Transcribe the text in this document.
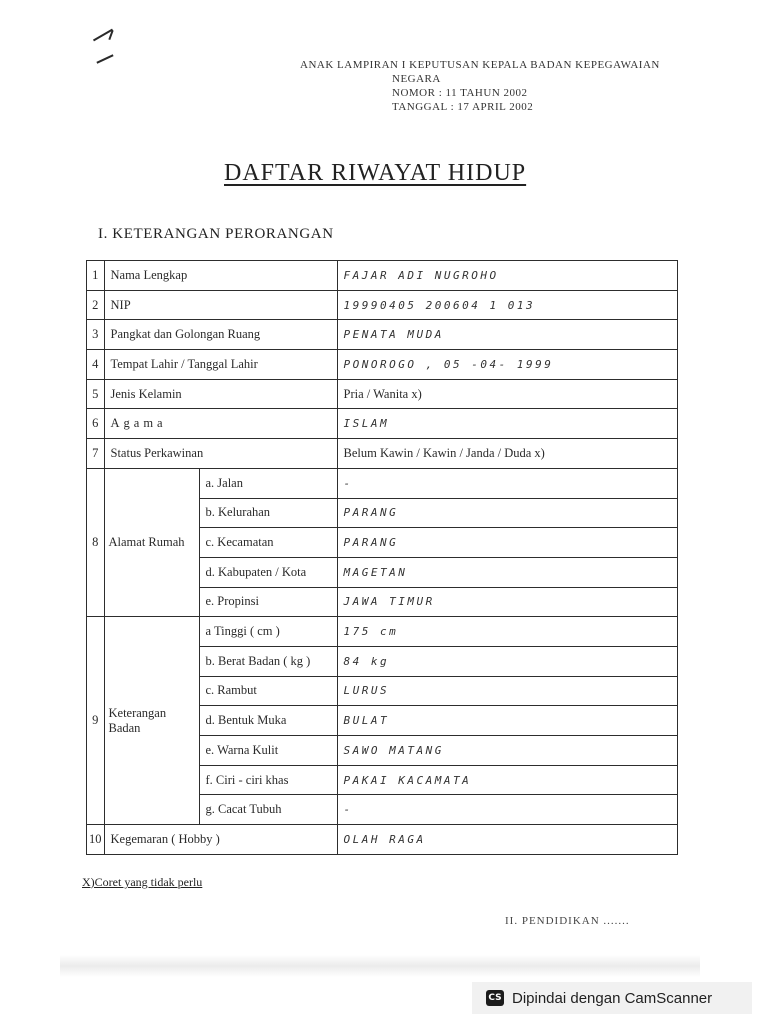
ANAK LAMPIRAN I KEPUTUSAN KEPALA BADAN KEPEGAWAIAN
NEGARA
NOMOR : 11 TAHUN 2002
TANGGAL : 17 APRIL 2002
DAFTAR RIWAYAT HIDUP
I. KETERANGAN PERORANGAN
1	Nama Lengkap		FAJAR ADI NUGROHO
2	NIP		19990405 200604 1 013
3	Pangkat dan Golongan Ruang		PENATA MUDA
4	Tempat Lahir / Tanggal Lahir		PONOROGO , 05 -04- 1999
5	Jenis Kelamin		Pria / Wanita x)
6	Agama		ISLAM
7	Status Perkawinan		Belum Kawin / Kawin / Janda / Duda x)
8	Alamat Rumah	a. Jalan	-
		b. Kelurahan	PARANG
		c. Kecamatan	PARANG
		d. Kabupaten / Kota	MAGETAN
		e. Propinsi	JAWA TIMUR
9	Keterangan Badan	a Tinggi ( cm )	175 cm
		b. Berat Badan ( kg )	84 kg
		c. Rambut	LURUS
		d. Bentuk Muka	BULAT
		e. Warna Kulit	SAWO MATANG
		f. Ciri - ciri khas	PAKAI KACAMATA
		g. Cacat Tubuh	-
10	Kegemaran ( Hobby )		OLAH RAGA
X)Coret yang tidak perlu
II. PENDIDIKAN .......
CS Dipindai dengan CamScanner
